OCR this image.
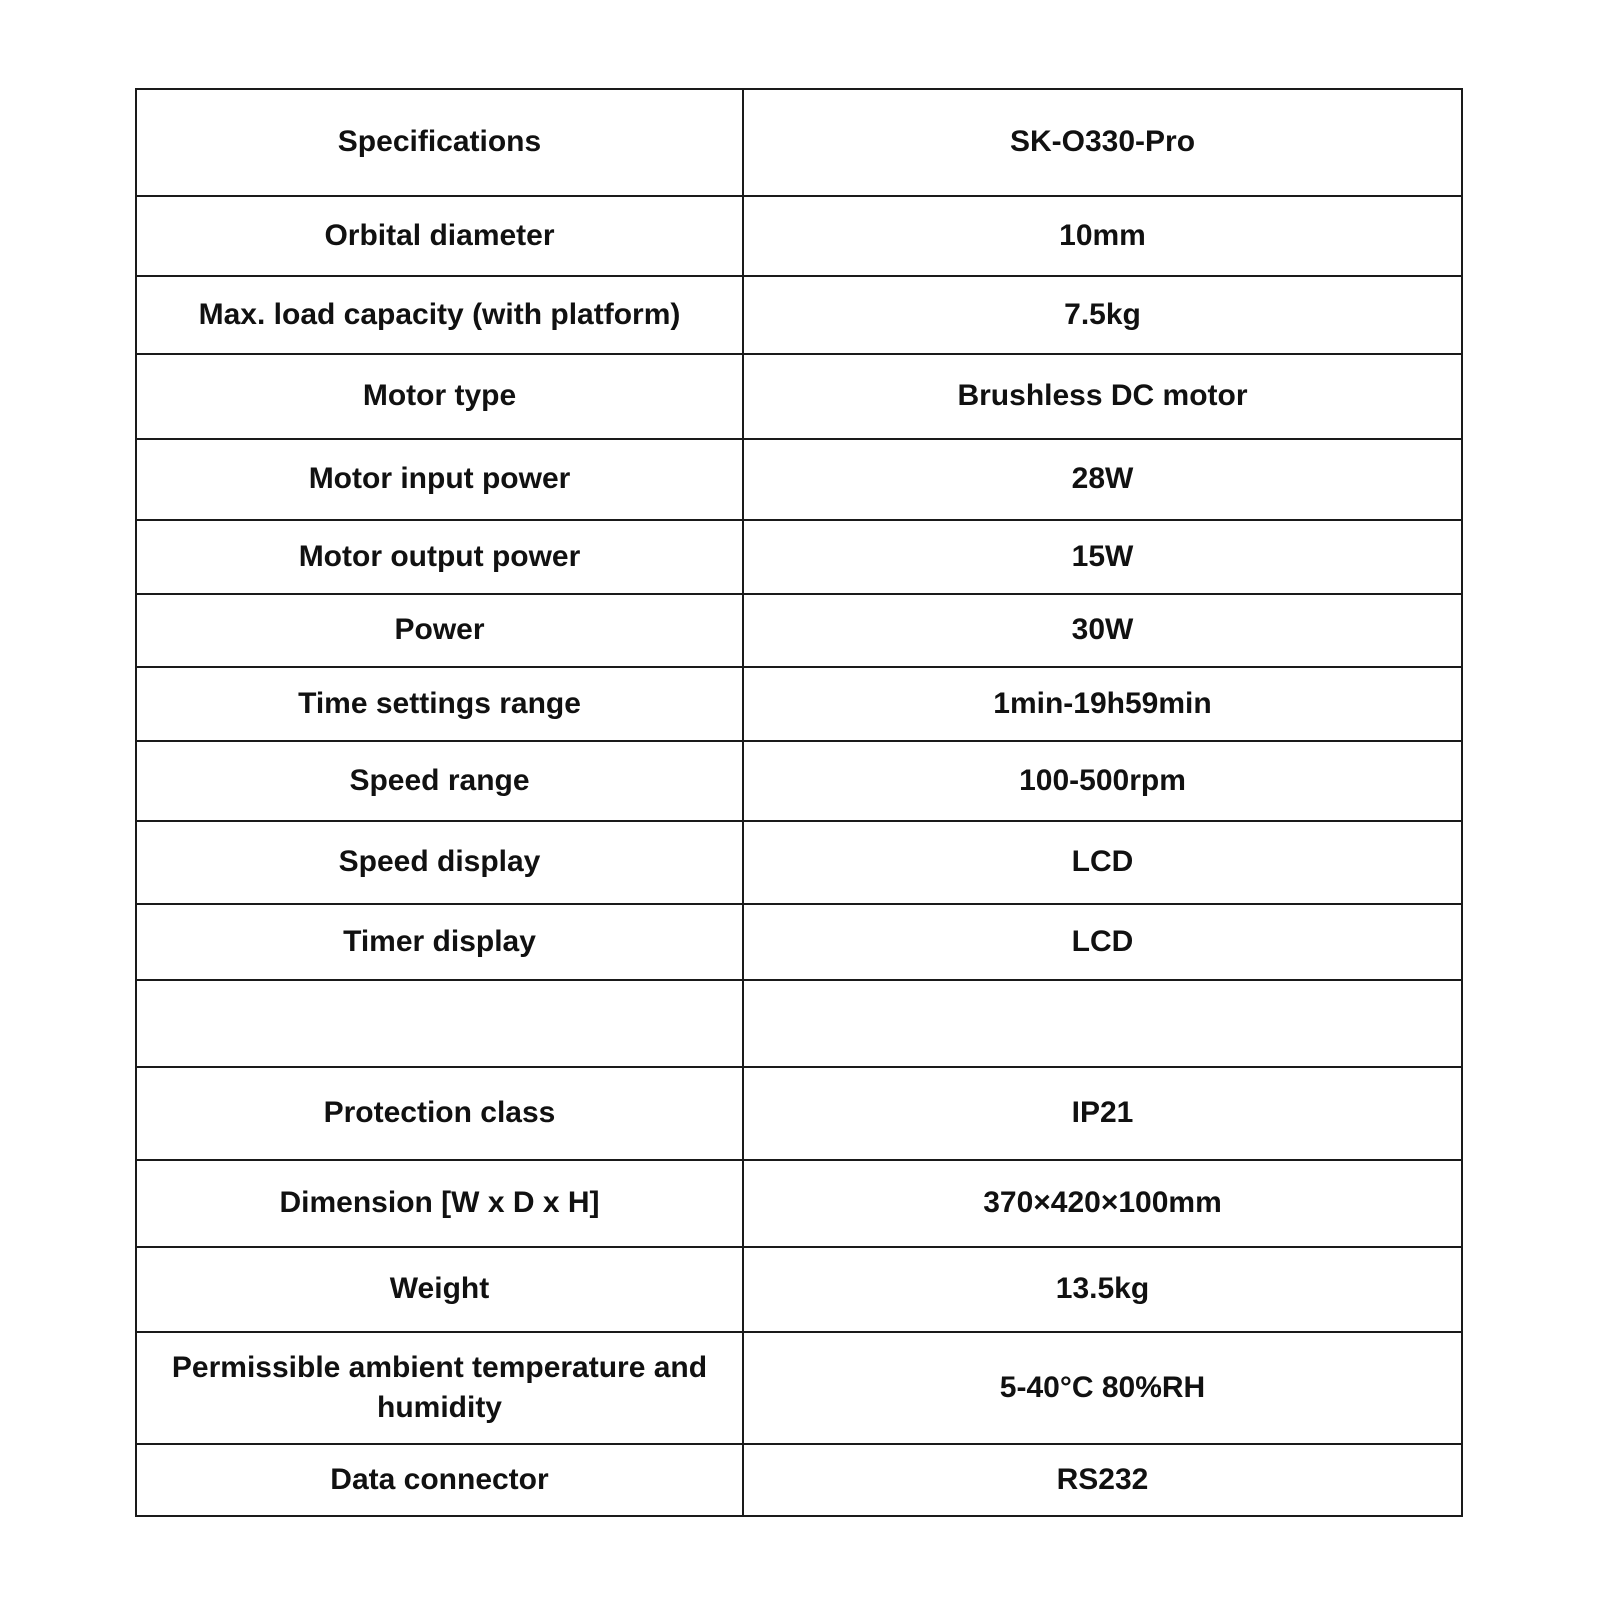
Specifications	SK-O330-Pro
Orbital diameter	10mm
Max. load capacity (with platform)	7.5kg
Motor type	Brushless DC motor
Motor input power	28W
Motor output power	15W
Power	30W
Time settings range	1min-19h59min
Speed range	100-500rpm
Speed display	LCD
Timer display	LCD

Protection class	IP21
Dimension [W x D x H]	370×420×100mm
Weight	13.5kg
Permissible ambient temperature and humidity	5-40°C 80%RH
Data connector	RS232
